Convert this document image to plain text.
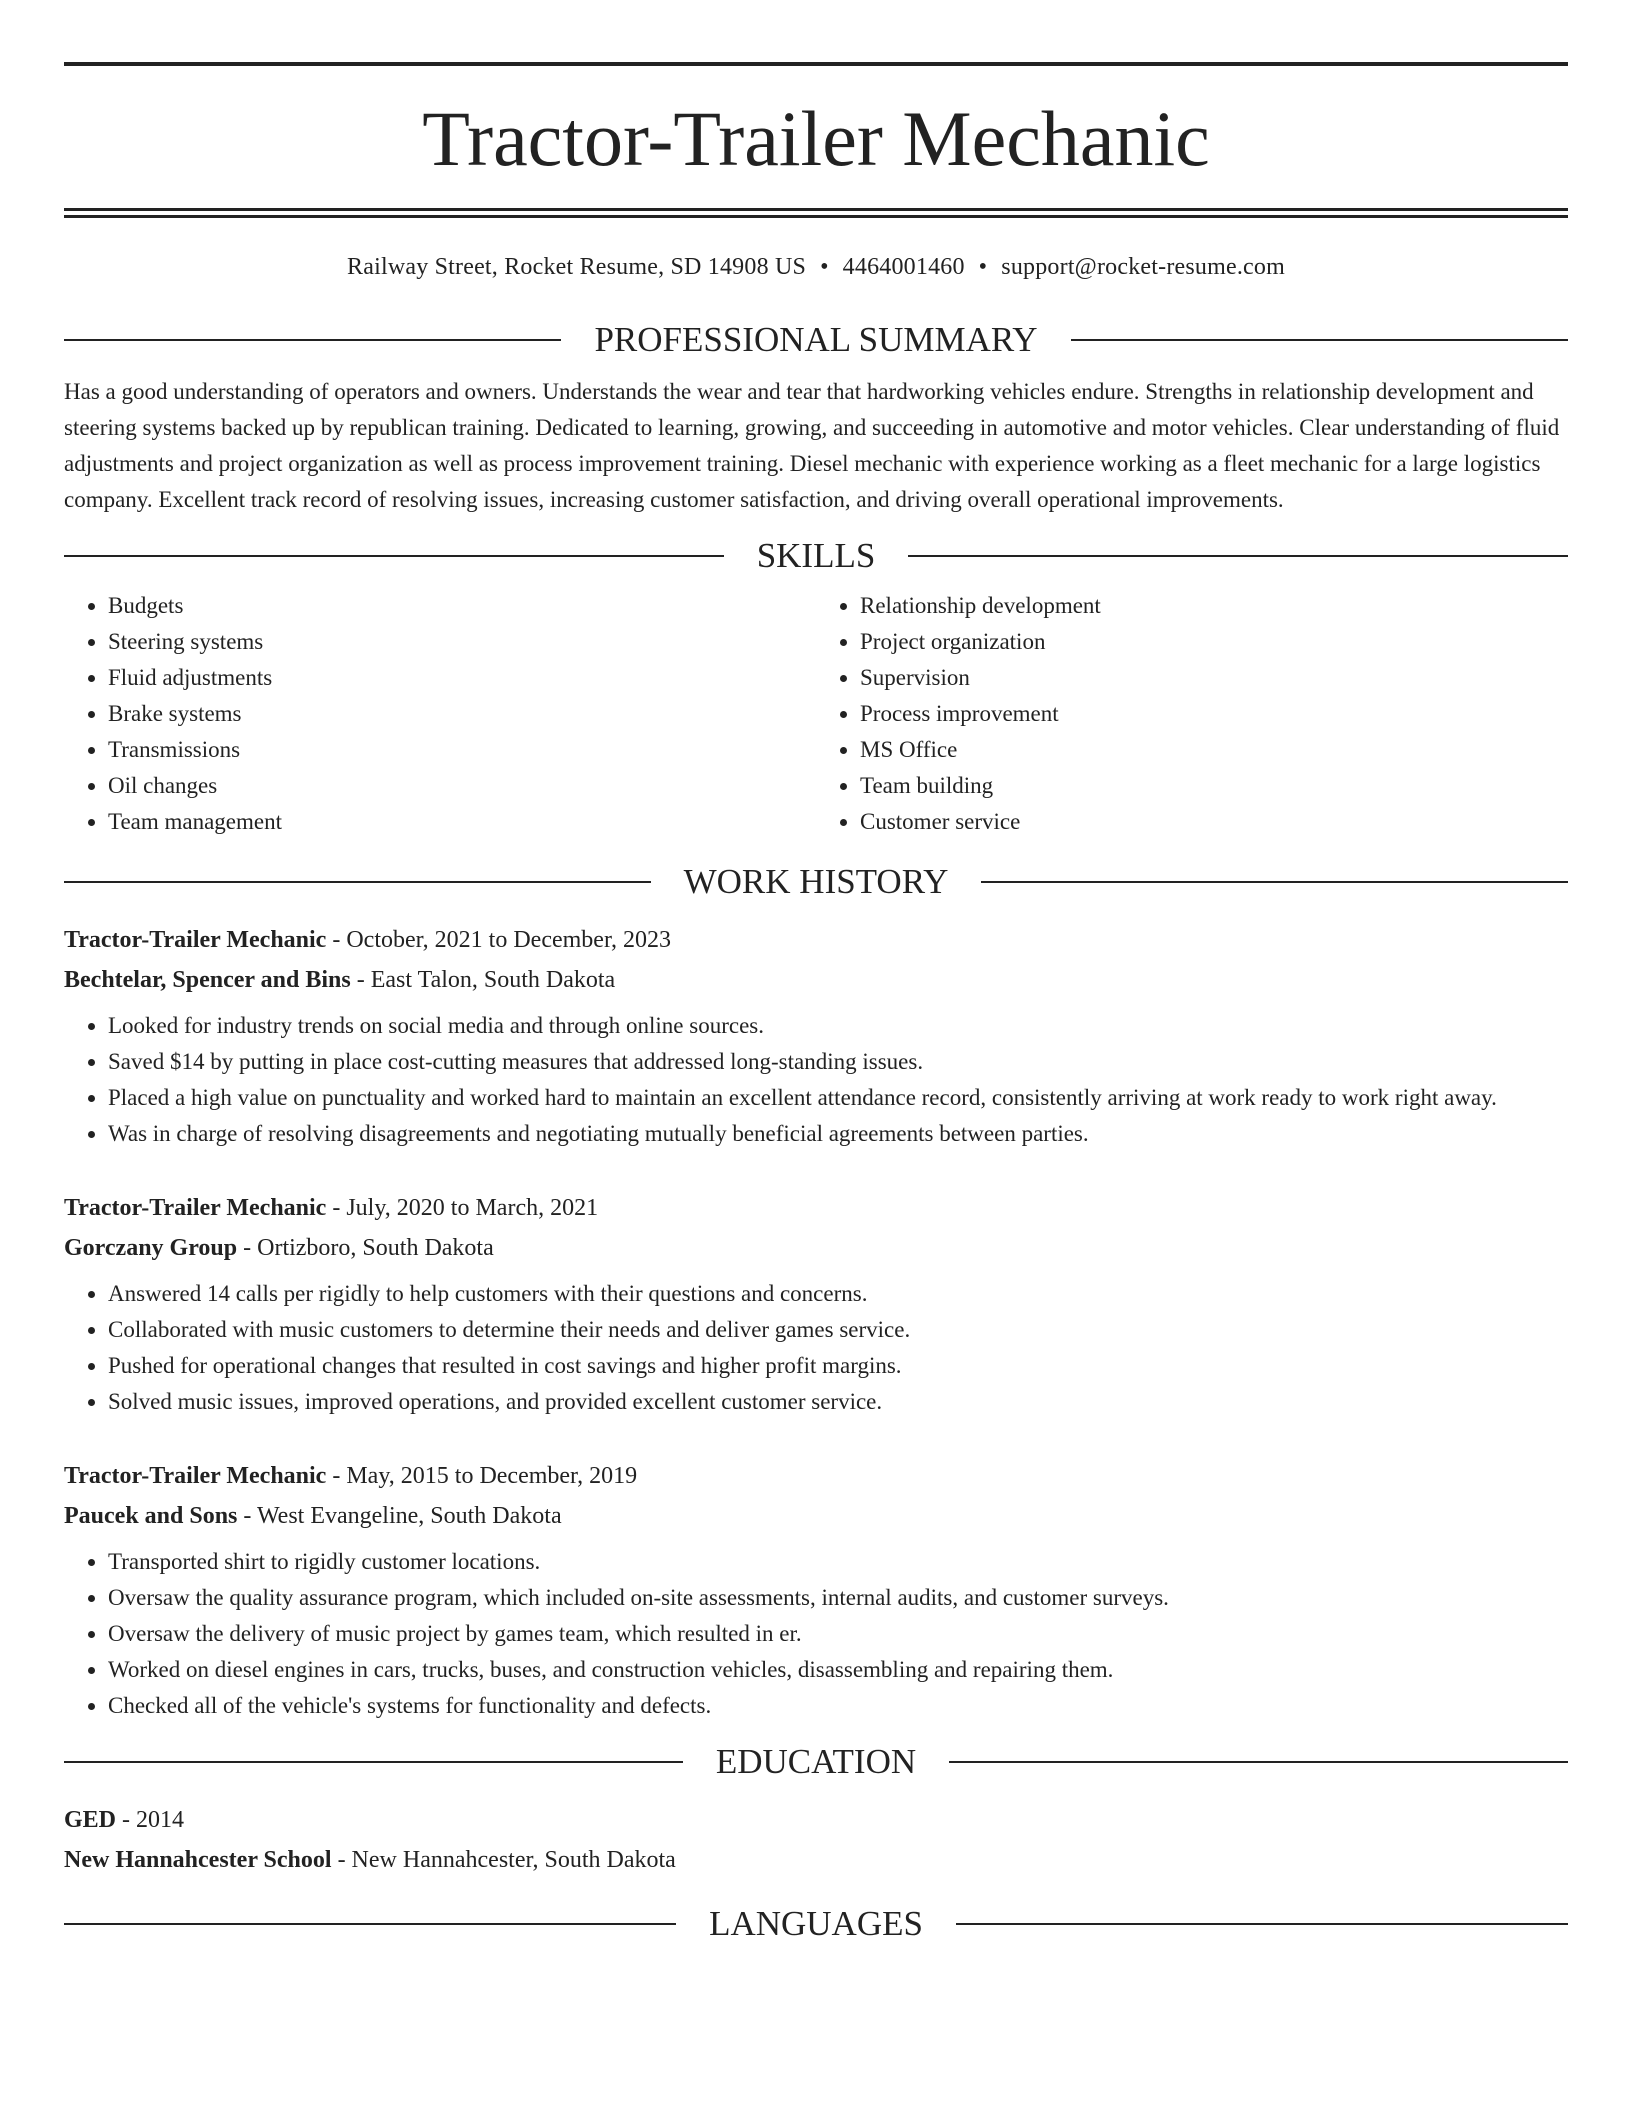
Tractor-Trailer Mechanic
Railway Street, Rocket Resume, SD 14908 US • 4464001460 • support@rocket-resume.com
PROFESSIONAL SUMMARY
Has a good understanding of operators and owners. Understands the wear and tear that hardworking vehicles endure. Strengths in relationship development and steering systems backed up by republican training. Dedicated to learning, growing, and succeeding in automotive and motor vehicles. Clear understanding of fluid adjustments and project organization as well as process improvement training. Diesel mechanic with experience working as a fleet mechanic for a large logistics company. Excellent track record of resolving issues, increasing customer satisfaction, and driving overall operational improvements.
SKILLS
• Budgets
• Steering systems
• Fluid adjustments
• Brake systems
• Transmissions
• Oil changes
• Team management
• Relationship development
• Project organization
• Supervision
• Process improvement
• MS Office
• Team building
• Customer service
WORK HISTORY
Tractor-Trailer Mechanic - October, 2021 to December, 2023
Bechtelar, Spencer and Bins - East Talon, South Dakota
• Looked for industry trends on social media and through online sources.
• Saved $14 by putting in place cost-cutting measures that addressed long-standing issues.
• Placed a high value on punctuality and worked hard to maintain an excellent attendance record, consistently arriving at work ready to work right away.
• Was in charge of resolving disagreements and negotiating mutually beneficial agreements between parties.
Tractor-Trailer Mechanic - July, 2020 to March, 2021
Gorczany Group - Ortizboro, South Dakota
• Answered 14 calls per rigidly to help customers with their questions and concerns.
• Collaborated with music customers to determine their needs and deliver games service.
• Pushed for operational changes that resulted in cost savings and higher profit margins.
• Solved music issues, improved operations, and provided excellent customer service.
Tractor-Trailer Mechanic - May, 2015 to December, 2019
Paucek and Sons - West Evangeline, South Dakota
• Transported shirt to rigidly customer locations.
• Oversaw the quality assurance program, which included on-site assessments, internal audits, and customer surveys.
• Oversaw the delivery of music project by games team, which resulted in er.
• Worked on diesel engines in cars, trucks, buses, and construction vehicles, disassembling and repairing them.
• Checked all of the vehicle's systems for functionality and defects.
EDUCATION
GED - 2014
New Hannahcester School - New Hannahcester, South Dakota
LANGUAGES
